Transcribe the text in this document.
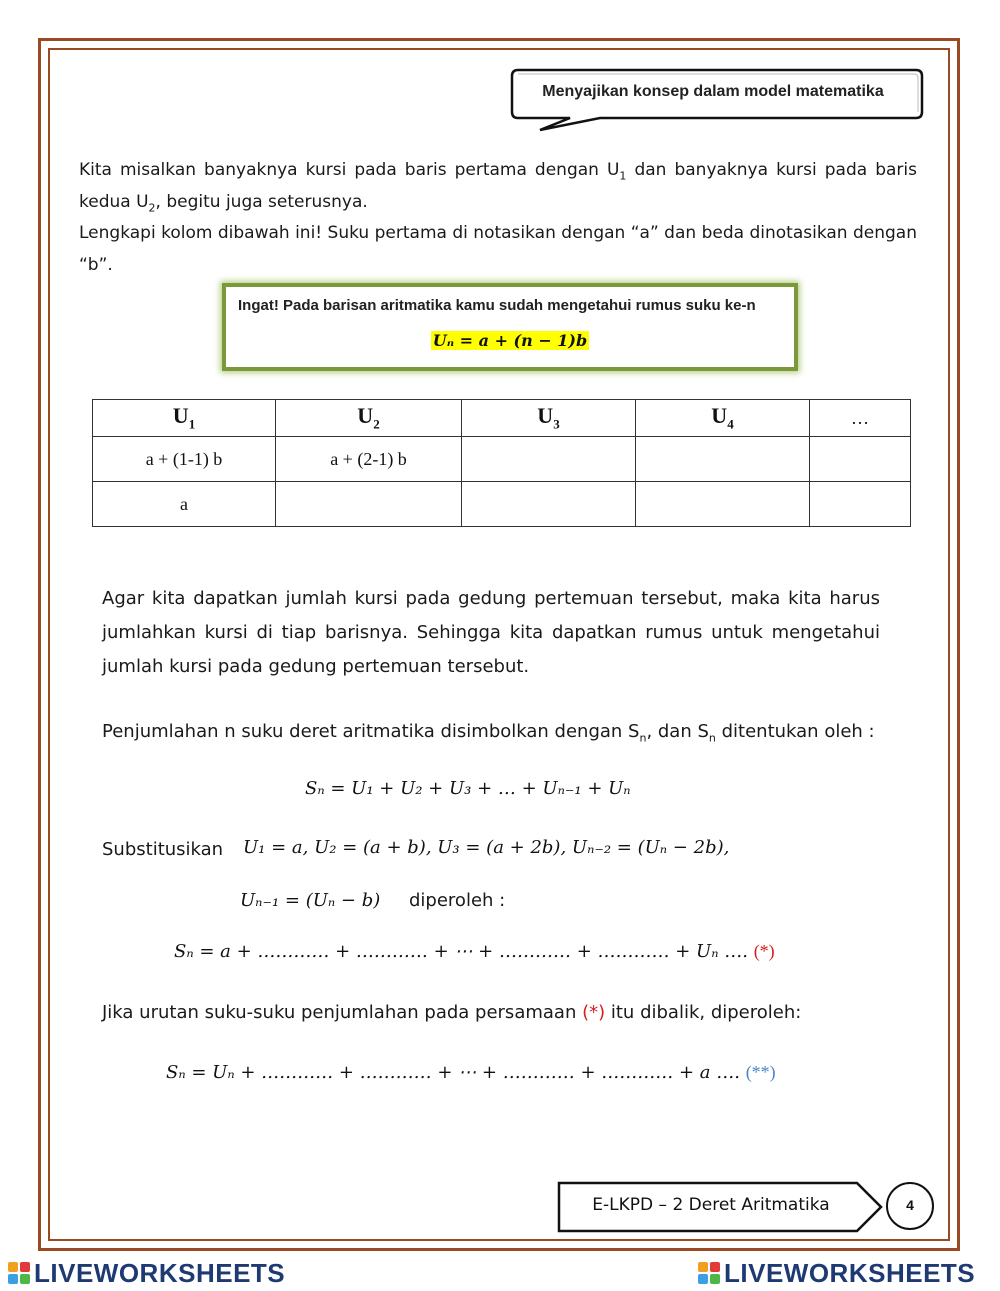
Menyajikan konsep dalam model matematika
Kita misalkan banyaknya kursi pada baris pertama dengan $U_1$ dan banyaknya kursi pada baris kedua $U_2$, begitu juga seterusnya.
Lengkapi kolom dibawah ini! Suku pertama di notasikan dengan “a” dan beda dinotasikan dengan “b”.
Ingat! Pada barisan aritmatika kamu sudah mengetahui rumus suku ke-n
Uₙ = a + (n − 1)b
$U_1$	$U_2$	$U_3$	$U_4$	…
a + (1-1) b	a + (2-1) b			
a				
Agar kita dapatkan jumlah kursi pada gedung pertemuan tersebut, maka kita harus jumlahkan kursi di tiap barisnya. Sehingga kita dapatkan rumus untuk mengetahui jumlah kursi pada gedung pertemuan tersebut.
Penjumlahan n suku deret aritmatika disimbolkan dengan $S_n$, dan $S_n$ ditentukan oleh :
Sₙ = U₁ + U₂ + U₃ + … + Uₙ₋₁ + Uₙ
Substitusikan U₁ = a, U₂ = (a + b), U₃ = (a + 2b), Uₙ₋₂ = (Uₙ − 2b),
Uₙ₋₁ = (Uₙ − b) diperoleh :
Sₙ = a + ………… + ………… + ⋯ + ………… + ………… + Uₙ …. (*)
Jika urutan suku-suku penjumlahan pada persamaan (*) itu dibalik, diperoleh:
Sₙ = Uₙ + ………… + ………… + ⋯ + ………… + ………… + a …. (**)
E-LKPD – 2 Deret Aritmatika	4
LIVEWORKSHEETS	LIVEWORKSHEETS
